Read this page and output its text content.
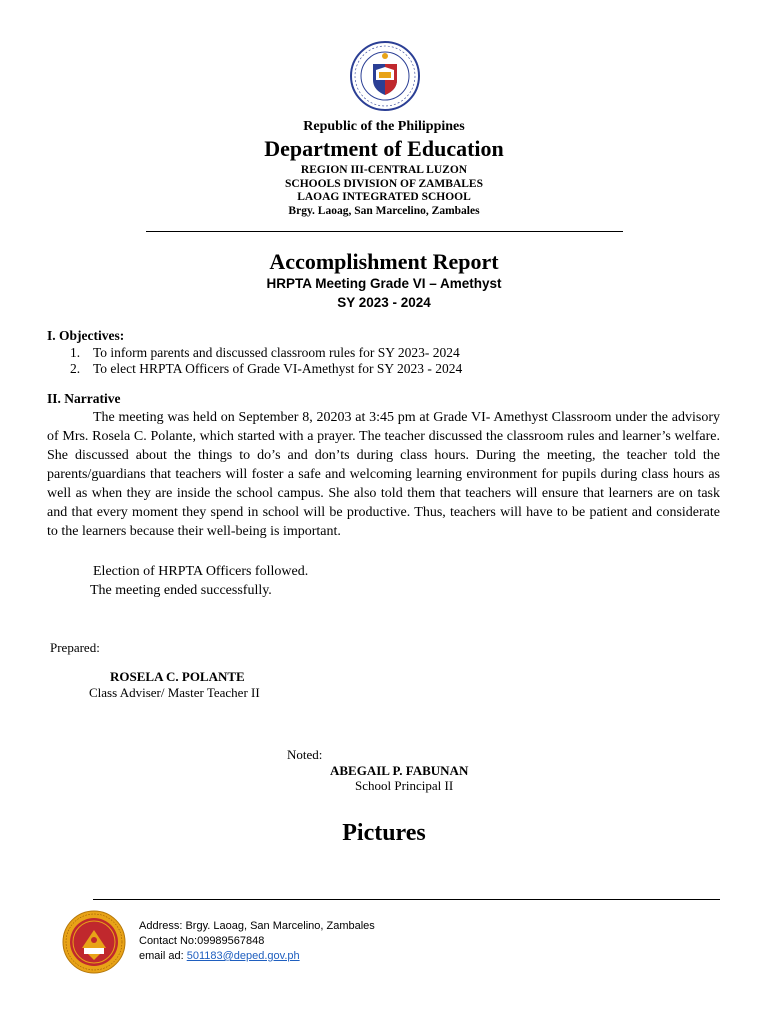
Republic of the Philippines
Department of Education
REGION III-CENTRAL LUZON
SCHOOLS DIVISION OF ZAMBALES
LAOAG INTEGRATED SCHOOL
Brgy. Laoag, San Marcelino, Zambales
Accomplishment Report
HRPTA Meeting Grade VI – Amethyst
SY 2023 - 2024
I. Objectives:
1. To inform parents and discussed classroom rules for SY 2023- 2024
2. To elect HRPTA Officers of Grade VI-Amethyst for SY 2023 - 2024
II. Narrative

The meeting was held on September 8, 20203 at 3:45 pm at Grade VI- Amethyst Classroom under the advisory of Mrs. Rosela C. Polante, which started with a prayer. The teacher discussed the classroom rules and learner’s welfare. She discussed about the things to do’s and don’ts during class hours. During the meeting, the teacher told the parents/guardians that teachers will foster a safe and welcoming learning environment for pupils during class hours as well as when they are inside the school campus. She also told them that teachers will ensure that learners are on task and that every moment they spend in school will be productive. Thus, teachers will have to be patient and considerate to the learners because their well-being is important.

Election of HRPTA Officers followed.
The meeting ended successfully.
Prepared:
ROSELA C. POLANTE
Class Adviser/ Master Teacher II
Noted:
ABEGAIL P. FABUNAN
School Principal II
Pictures
Address: Brgy. Laoag, San Marcelino, Zambales
Contact No:09989567848
email ad: 501183@deped.gov.ph
